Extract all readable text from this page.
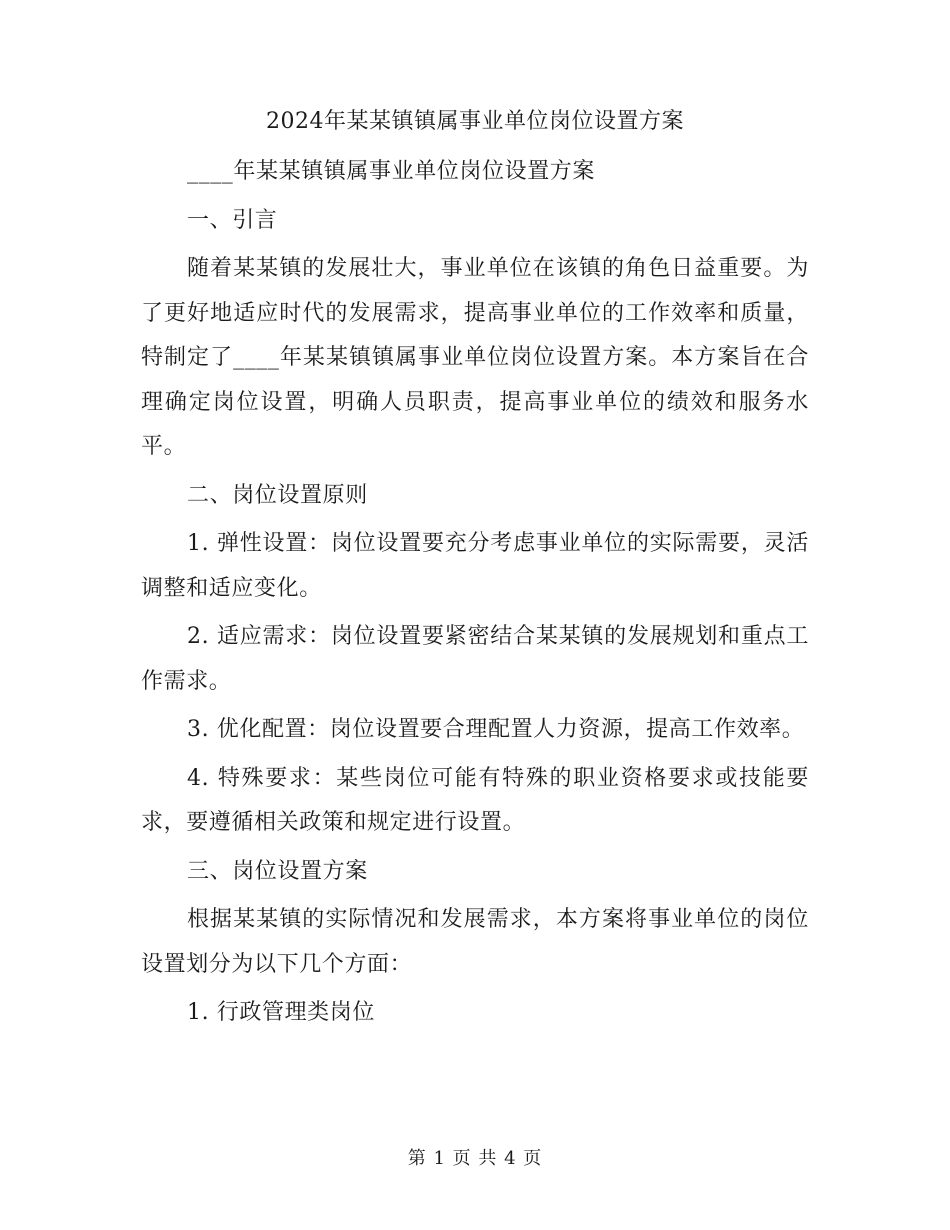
2024年某某镇镇属事业单位岗位设置方案

____年某某镇镇属事业单位岗位设置方案

一、引言

随着某某镇的发展壮大，事业单位在该镇的角色日益重要。为了更好地适应时代的发展需求，提高事业单位的工作效率和质量，特制定了____年某某镇镇属事业单位岗位设置方案。本方案旨在合理确定岗位设置，明确人员职责，提高事业单位的绩效和服务水平。

二、岗位设置原则

1. 弹性设置：岗位设置要充分考虑事业单位的实际需要，灵活调整和适应变化。

2. 适应需求：岗位设置要紧密结合某某镇的发展规划和重点工作需求。

3. 优化配置：岗位设置要合理配置人力资源，提高工作效率。

4. 特殊要求：某些岗位可能有特殊的职业资格要求或技能要求，要遵循相关政策和规定进行设置。

三、岗位设置方案

根据某某镇的实际情况和发展需求，本方案将事业单位的岗位设置划分为以下几个方面：

1. 行政管理类岗位

第 1 页 共 4 页
